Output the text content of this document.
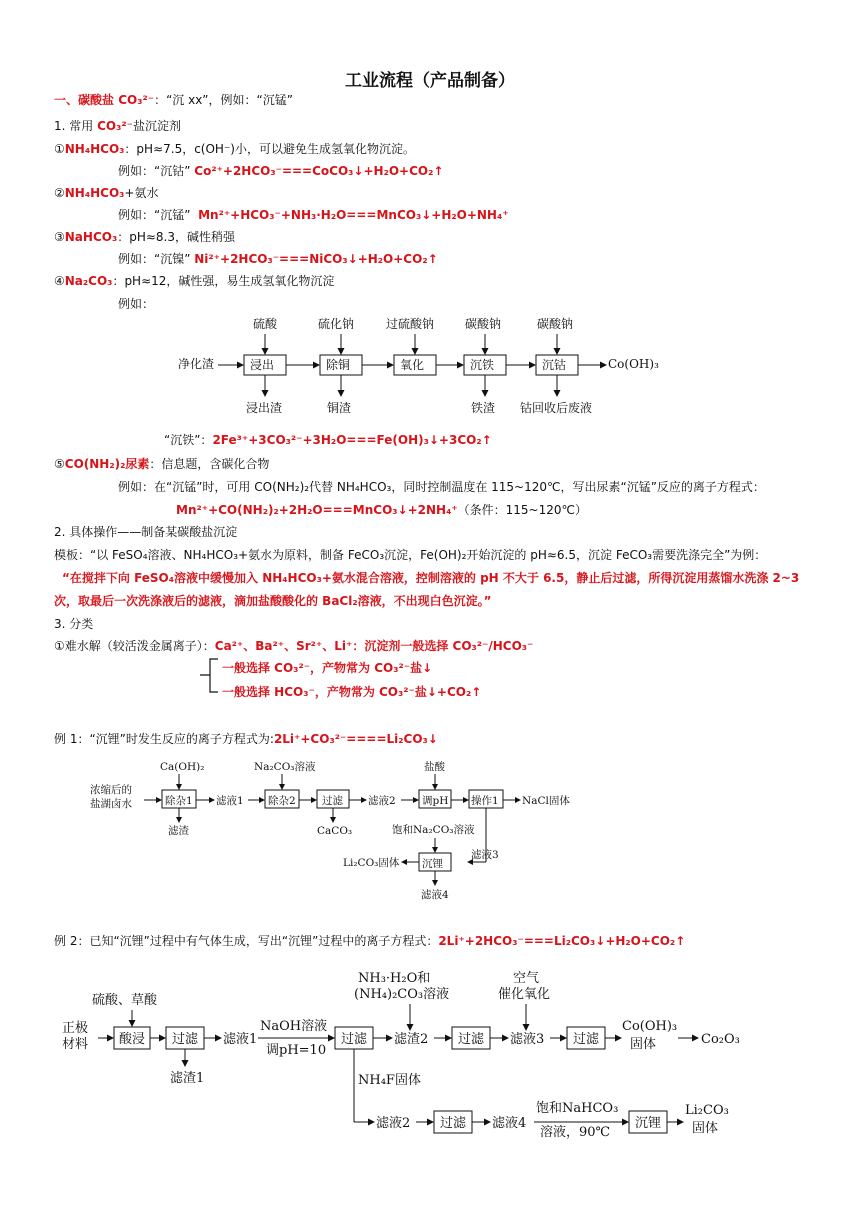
工业流程（产品制备）
一、碳酸盐 CO₃²⁻：“沉 xx”，例如：“沉锰”
1. 常用 CO₃²⁻盐沉淀剂
①NH₄HCO₃：pH≈7.5，c(OH⁻)小，可以避免生成氢氧化物沉淀。
例如：“沉钴” Co²⁺+2HCO₃⁻===CoCO₃↓+H₂O+CO₂↑
②NH₄HCO₃+氨水
例如：“沉锰” Mn²⁺+HCO₃⁻+NH₃·H₂O===MnCO₃↓+H₂O+NH₄⁺
③NaHCO₃：pH≈8.3，碱性稍强
例如：“沉镍” Ni²⁺+2HCO₃⁻===NiCO₃↓+H₂O+CO₂↑
④Na₂CO₃：pH≈12，碱性强，易生成氢氧化物沉淀
例如：
净化渣	浸出	除铜	氧化	沉铁	沉钴	Co(OH)₃
硫酸	硫化钠	过硫酸钠	碳酸钠	碳酸钠
浸出渣	铜渣	铁渣 钴回收后废液
“沉铁”：2Fe³⁺+3CO₃²⁻+3H₂O===Fe(OH)₃↓+3CO₂↑
⑤CO(NH₂)₂尿素：信息题，含碳化合物
例如：在“沉锰”时，可用 CO(NH₂)₂代替 NH₄HCO₃，同时控制温度在 115~120℃，写出尿素“沉锰”反应的离子方程式：
Mn²⁺+CO(NH₂)₂+2H₂O===MnCO₃↓+2NH₄⁺（条件：115~120℃）
2. 具体操作——制备某碳酸盐沉淀
模板：“以 FeSO₄溶液、NH₄HCO₃+氨水为原料，制备 FeCO₃沉淀，Fe(OH)₂开始沉淀的 pH≈6.5，沉淀 FeCO₃需要洗涤完全”为例：
“在搅拌下向 FeSO₄溶液中缓慢加入 NH₄HCO₃+氨水混合溶液，控制溶液的 pH 不大于 6.5，静止后过滤，所得沉淀用蒸馏水洗涤 2~3
次，取最后一次洗涤液后的滤液，滴加盐酸酸化的 BaCl₂溶液，不出现白色沉淀。”
3. 分类
①难水解（较活泼金属离子）：Ca²⁺、Ba²⁺、Sr²⁺、Li⁺：沉淀剂一般选择 CO₃²⁻/HCO₃⁻
一般选择 CO₃²⁻，产物常为 CO₃²⁻盐↓
一般选择 HCO₃⁻，产物常为 CO₃²⁻盐↓+CO₂↑
例 1：“沉锂”时发生反应的离子方程式为:2Li⁺+CO₃²⁻====Li₂CO₃↓
浓缩后的
盐湖卤水	除杂1 滤液1 除杂2	过滤 滤液2	调pH 操作1 NaCl固体
Ca(OH)₂	Na₂CO₃溶液	盐酸
滤渣	CaCO₃
滤液3
饱和Na₂CO₃溶液
沉锂
Li₂CO₃固体
滤液4
例 2：已知“沉锂”过程中有气体生成，写出“沉锂”过程中的离子方程式：2Li⁺+2HCO₃⁻===Li₂CO₃↓+H₂O+CO₂↑
正极
材料
硫酸、草酸
酸浸 过滤
滤渣1
滤液1
NaOH溶液
调pH=10
过滤
NH₃·H₂O和
(NH₄)₂CO₃溶液
滤渣2 过滤 滤液3
空气
催化氧化
过滤
Co(OH)₃
固体	Co₂O₃
NH₄F固体
滤液2 过滤 滤液4
饱和NaHCO₃
溶液，90℃
沉锂
Li₂CO₃
固体
